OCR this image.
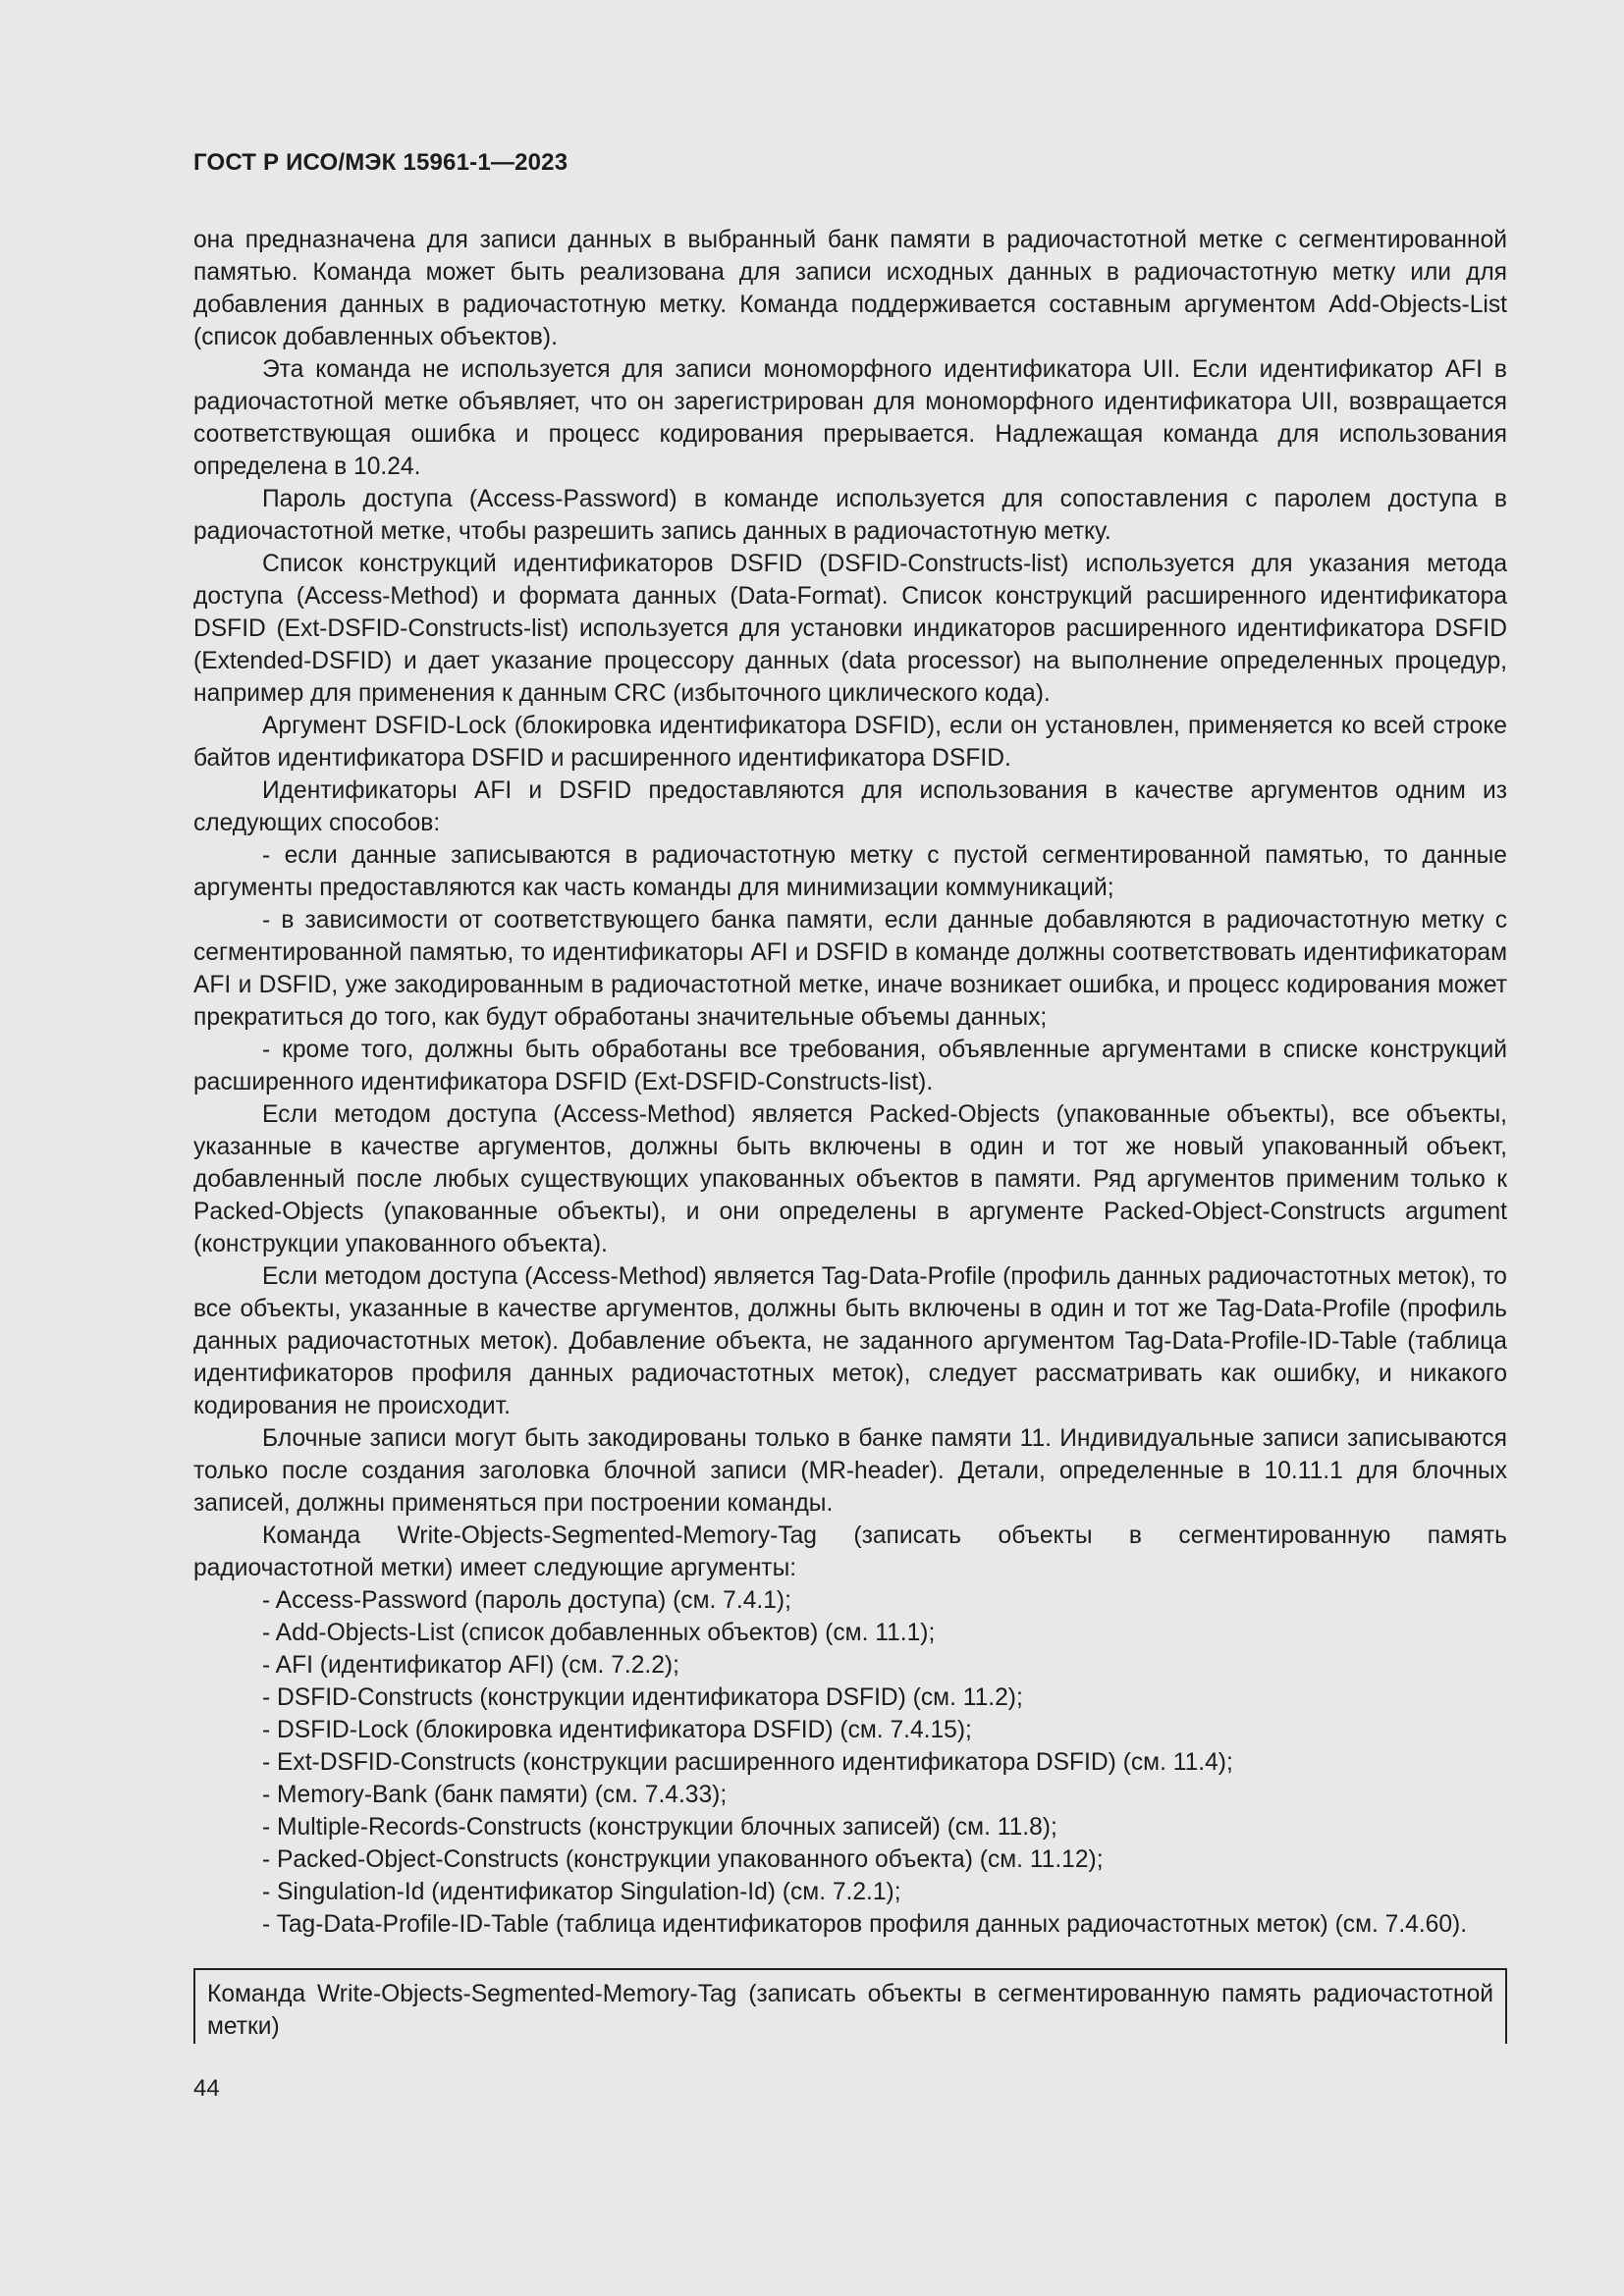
ГОСТ Р ИСО/МЭК 15961-1—2023

она предназначена для записи данных в выбранный банк памяти в радиочастотной метке с сегментированной памятью. Команда может быть реализована для записи исходных данных в радиочастотную метку или для добавления данных в радиочастотную метку. Команда поддерживается составным аргументом Add-Objects-List (список добавленных объектов).

Эта команда не используется для записи мономорфного идентификатора UII. Если идентификатор AFI в радиочастотной метке объявляет, что он зарегистрирован для мономорфного идентификатора UII, возвращается соответствующая ошибка и процесс кодирования прерывается. Надлежащая команда для использования определена в 10.24.

Пароль доступа (Access-Password) в команде используется для сопоставления с паролем доступа в радиочастотной метке, чтобы разрешить запись данных в радиочастотную метку.

Список конструкций идентификаторов DSFID (DSFID-Constructs-list) используется для указания метода доступа (Access-Method) и формата данных (Data-Format). Список конструкций расширенного идентификатора DSFID (Ext-DSFID-Constructs-list) используется для установки индикаторов расширенного идентификатора DSFID (Extended-DSFID) и дает указание процессору данных (data processor) на выполнение определенных процедур, например для применения к данным CRC (избыточного циклического кода).

Аргумент DSFID-Lock (блокировка идентификатора DSFID), если он установлен, применяется ко всей строке байтов идентификатора DSFID и расширенного идентификатора DSFID.

Идентификаторы AFI и DSFID предоставляются для использования в качестве аргументов одним из следующих способов:

- если данные записываются в радиочастотную метку с пустой сегментированной памятью, то данные аргументы предоставляются как часть команды для минимизации коммуникаций;

- в зависимости от соответствующего банка памяти, если данные добавляются в радиочастотную метку с сегментированной памятью, то идентификаторы AFI и DSFID в команде должны соответствовать идентификаторам AFI и DSFID, уже закодированным в радиочастотной метке, иначе возникает ошибка, и процесс кодирования может прекратиться до того, как будут обработаны значительные объемы данных;

- кроме того, должны быть обработаны все требования, объявленные аргументами в списке конструкций расширенного идентификатора DSFID (Ext-DSFID-Constructs-list).

Если методом доступа (Access-Method) является Packed-Objects (упакованные объекты), все объекты, указанные в качестве аргументов, должны быть включены в один и тот же новый упакованный объект, добавленный после любых существующих упакованных объектов в памяти. Ряд аргументов применим только к Packed-Objects (упакованные объекты), и они определены в аргументе Packed-Object-Constructs argument (конструкции упакованного объекта).

Если методом доступа (Access-Method) является Tag-Data-Profile (профиль данных радиочастотных меток), то все объекты, указанные в качестве аргументов, должны быть включены в один и тот же Tag-Data-Profile (профиль данных радиочастотных меток). Добавление объекта, не заданного аргументом Tag-Data-Profile-ID-Table (таблица идентификаторов профиля данных радиочастотных меток), следует рассматривать как ошибку, и никакого кодирования не происходит.

Блочные записи могут быть закодированы только в банке памяти 11. Индивидуальные записи записываются только после создания заголовка блочной записи (MR-header). Детали, определенные в 10.11.1 для блочных записей, должны применяться при построении команды.

Команда Write-Objects-Segmented-Memory-Tag (записать объекты в сегментированную память радиочастотной метки) имеет следующие аргументы:

- Access-Password (пароль доступа) (см. 7.4.1);

- Add-Objects-List (список добавленных объектов) (см. 11.1);

- AFI (идентификатор AFI) (см. 7.2.2);

- DSFID-Constructs (конструкции идентификатора DSFID) (см. 11.2);

- DSFID-Lock (блокировка идентификатора DSFID) (см. 7.4.15);

- Ext-DSFID-Constructs (конструкции расширенного идентификатора DSFID) (см. 11.4);

- Memory-Bank (банк памяти) (см. 7.4.33);

- Multiple-Records-Constructs (конструкции блочных записей) (см. 11.8);

- Packed-Object-Constructs (конструкции упакованного объекта) (см. 11.12);

- Singulation-Id (идентификатор Singulation-Id) (см. 7.2.1);

- Tag-Data-Profile-ID-Table (таблица идентификаторов профиля данных радиочастотных меток) (см. 7.4.60).

Команда Write-Objects-Segmented-Memory-Tag (записать объекты в сегментированную память радиочастотной метки)
44
